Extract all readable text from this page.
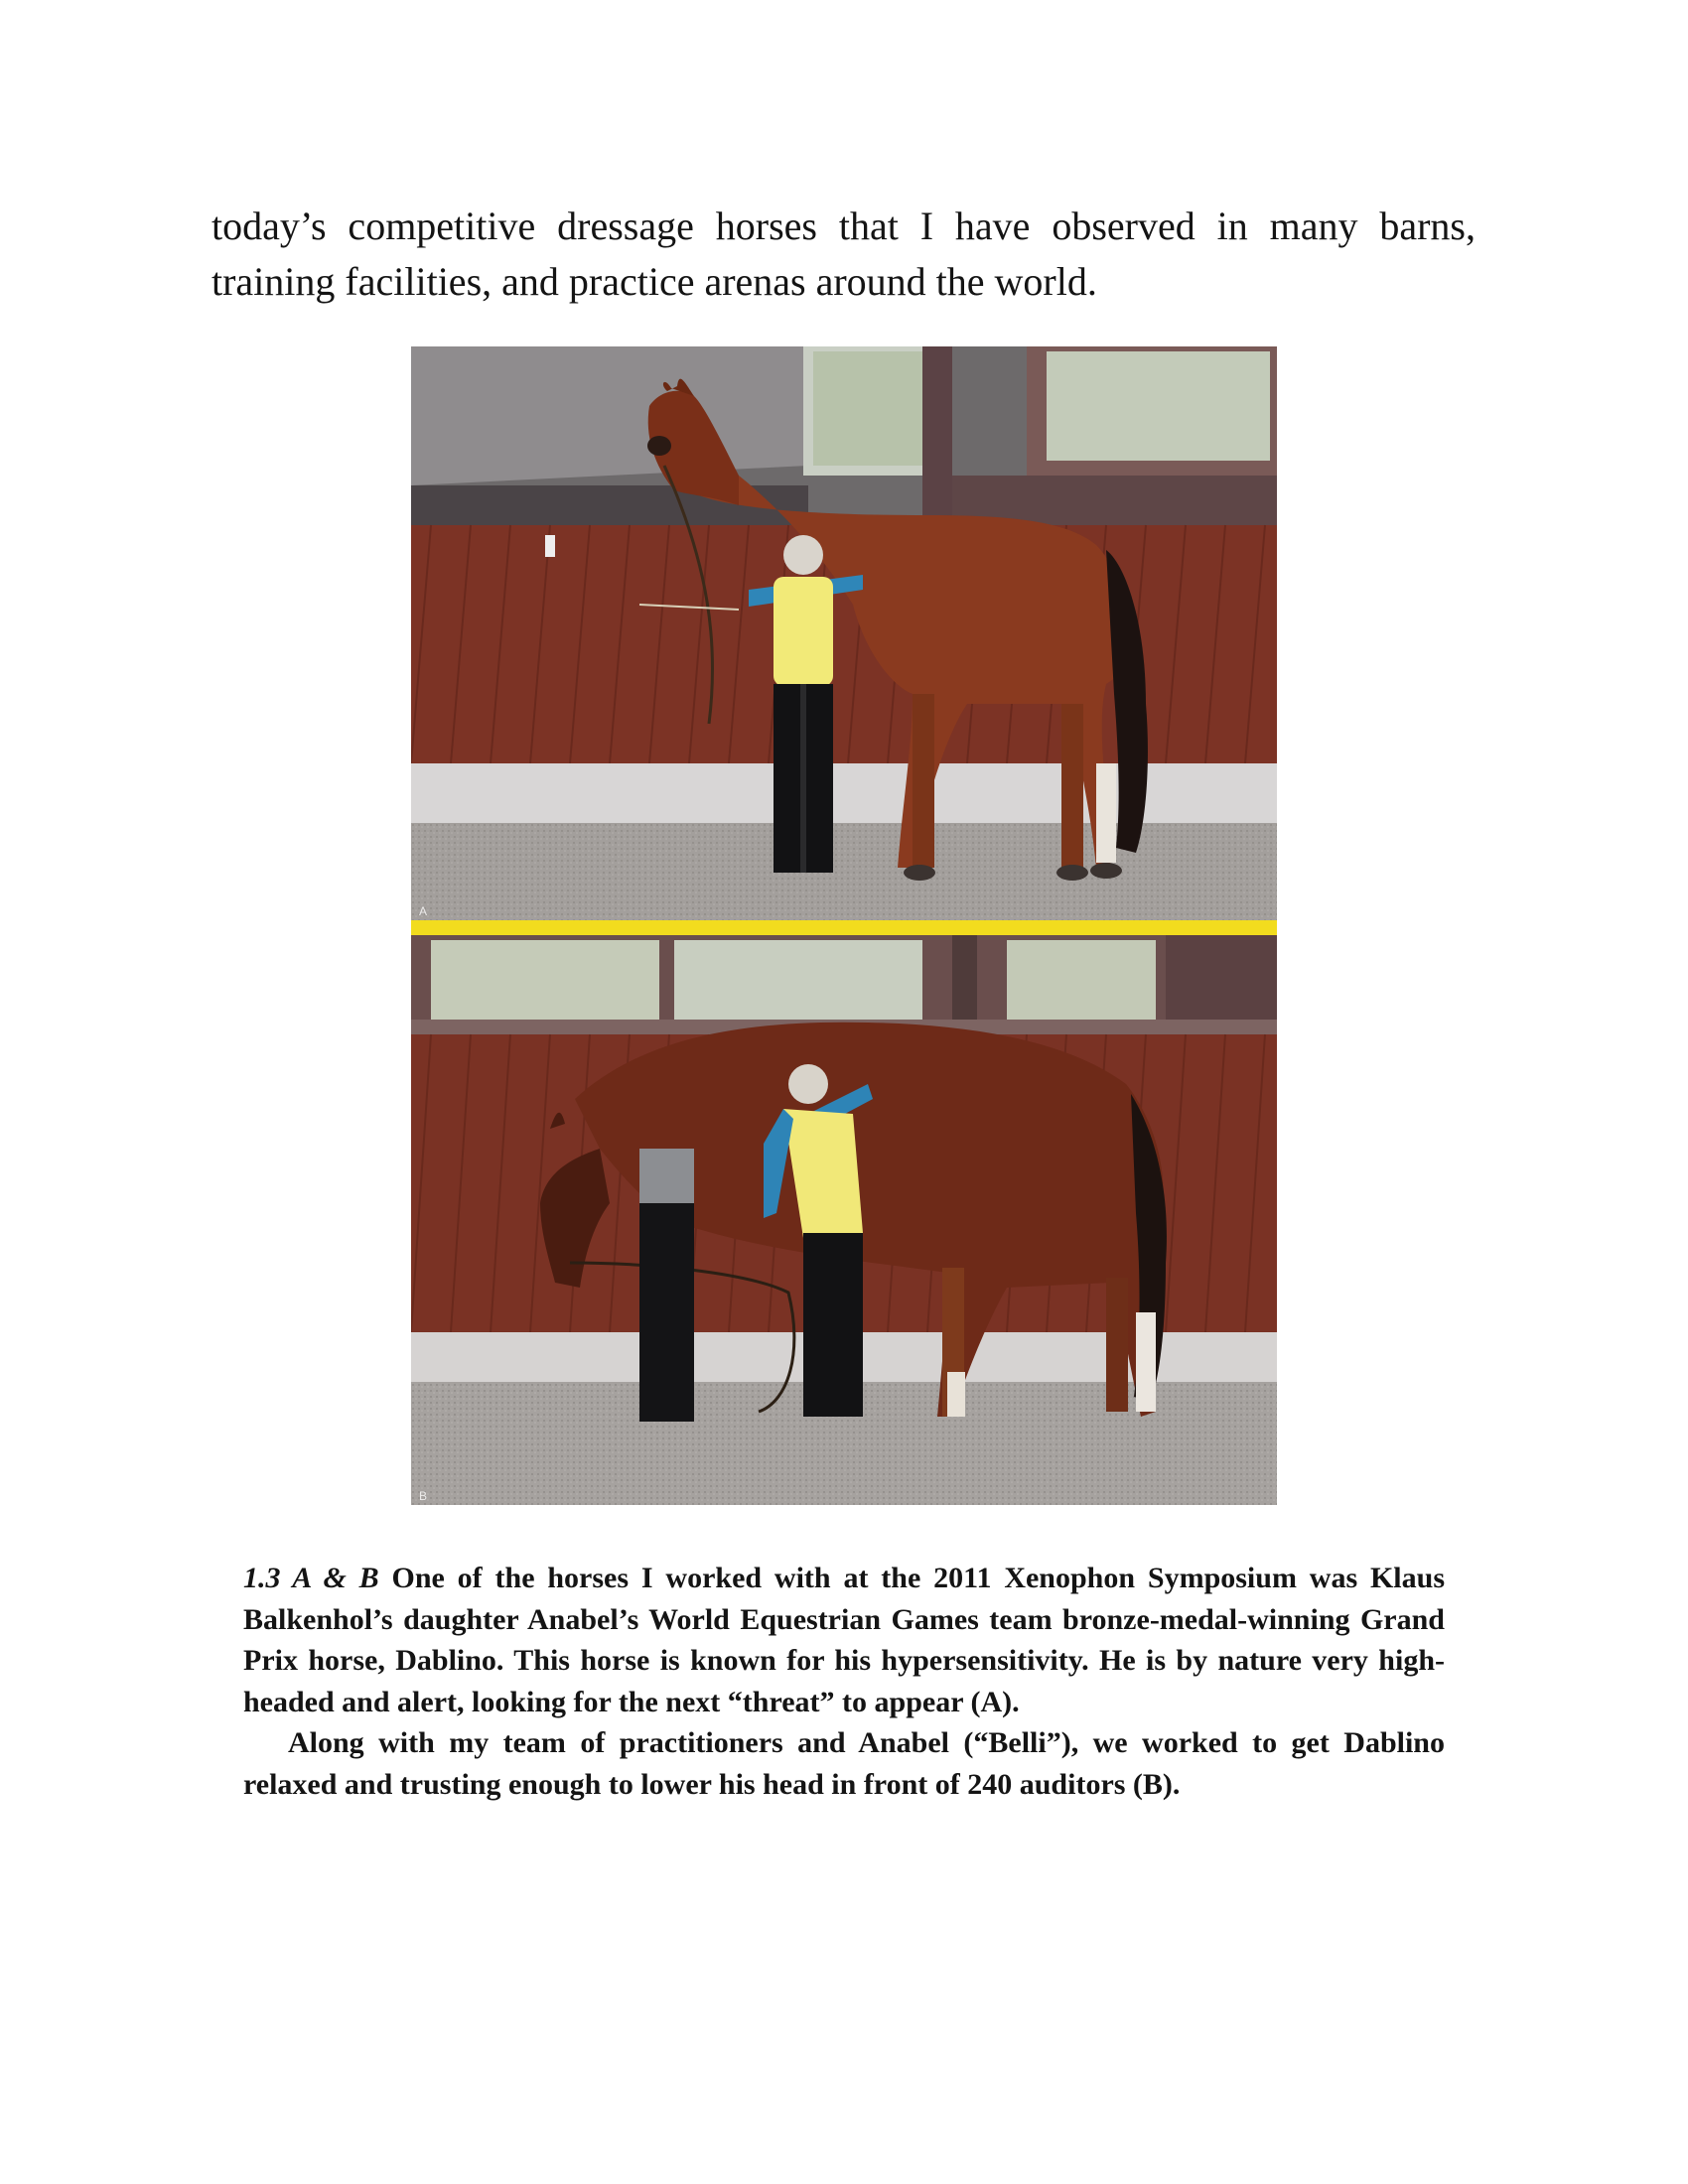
today’s competitive dressage horses that I have observed in many barns, training facilities, and practice arenas around the world.

A
B

1.3 A & B One of the horses I worked with at the 2011 Xenophon Symposium was Klaus Balkenhol’s daughter Anabel’s World Equestrian Games team bronze-medal-winning Grand Prix horse, Dablino. This horse is known for his hypersensitivity. He is by nature very high-headed and alert, looking for the next “threat” to appear (A).

Along with my team of practitioners and Anabel (“Belli”), we worked to get Dablino relaxed and trusting enough to lower his head in front of 240 auditors (B).
